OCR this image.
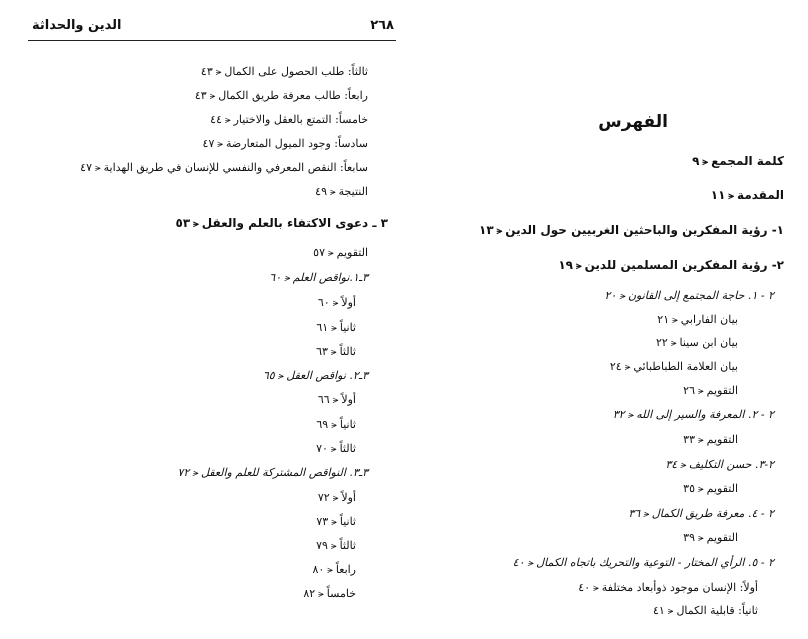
الدين والحداثة	٢٦٨
ثالثاً: طلب الحصول على الكمال⪪٤٣
رابعاً: طالب معرفة طريق الكمال⪪٤٣
خامساً: التمتع بالعقل والاختيار⪪٤٤
سادساً: وجود الميول المتعارضة⪪٤٧
سابعاً: النقص المعرفي والنفسي للإنسان في طريق الهداية⪪٤٧
النتيجة⪪٤٩
٣ ـ دعوى الاكتفاء بالعلم والعقل⪪٥٣
التقويم⪪٥٧
٣ـ١.نواقص العلم⪪٦٠
أولاً⪪٦٠
ثانياً⪪٦١
ثالثاً⪪٦٣
٣ـ٢. نواقص العقل⪪٦٥
أولاً⪪٦٦
ثانياً⪪٦٩
ثالثاً⪪٧٠
٣ـ٣. النواقص المشتركة للعلم والعقل⪪٧٢
أولاً⪪٧٢
ثانياً⪪٧٣
ثالثاً⪪٧٩
رابعاً⪪٨٠
خامساً⪪٨٢
الفهرس
كلمة المجمع⪪٩
المقدمة⪪١١
١- رؤية المفكرين والباحثين الغربيين حول الدين⪪١٣
٢- رؤية المفكرين المسلمين للدين⪪١٩
٢ - ١. حاجة المجتمع إلى القانون⪪٢٠
بيان الفارابي⪪٢١
بيان ابن سينا⪪٢٢
بيان العلامة الطباطبائي⪪٢٤
التقويم⪪٢٦
٢ - ٢. المعرفة والسير إلى الله⪪٣٢
التقويم⪪٣٣
٢-٣. حسن التكليف⪪٣٤
التقويم⪪٣٥
٢ - ٤. معرفة طريق الكمال⪪٣٦
التقويم⪪٣٩
٢ - ٥. الرأي المختار - التوعية والتحريك باتجاه الكمال⪪٤٠
أولاً: الإنسان موجود ذوأبعاد مختلفة⪪٤٠
ثانياً: قابلية الكمال⪪٤١
